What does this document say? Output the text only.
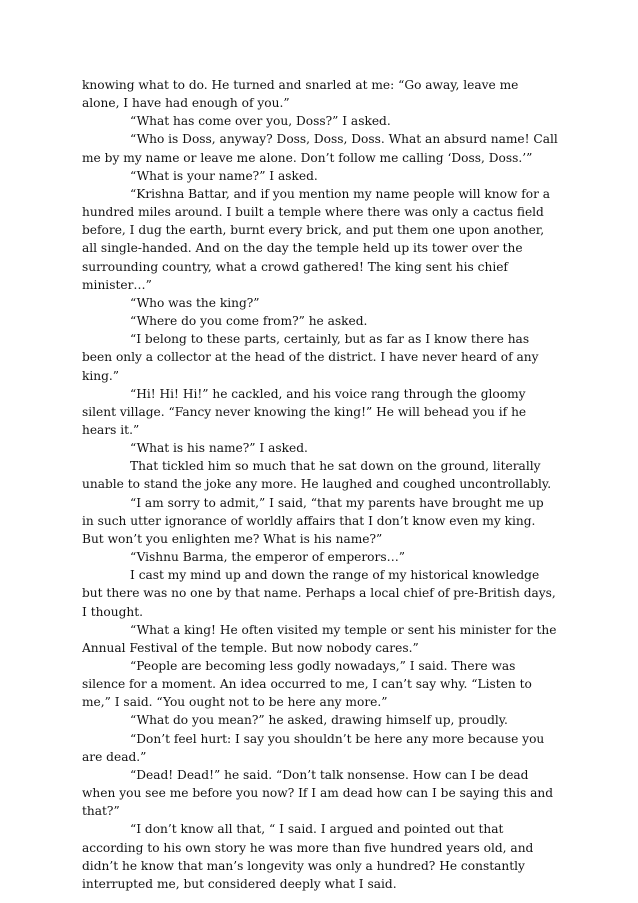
knowing what to do. He turned and snarled at me: “Go away, leave me alone, I have had enough of you.”

“What has come over you, Doss?” I asked.

“Who is Doss, anyway? Doss, Doss, Doss. What an absurd name! Call me by my name or leave me alone. Don’t follow me calling ‘Doss, Doss.’”

“What is your name?” I asked.

“Krishna Battar, and if you mention my name people will know for a hundred miles around. I built a temple where there was only a cactus field before, I dug the earth, burnt every brick, and put them one upon another, all single-handed. And on the day the temple held up its tower over the surrounding country, what a crowd gathered! The king sent his chief minister…”

“Who was the king?”

“Where do you come from?” he asked.

“I belong to these parts, certainly, but as far as I know there has been only a collector at the head of the district. I have never heard of any king.”

“Hi! Hi! Hi!” he cackled, and his voice rang through the gloomy silent village. “Fancy never knowing the king!” He will behead you if he hears it.”

“What is his name?” I asked.

That tickled him so much that he sat down on the ground, literally unable to stand the joke any more. He laughed and coughed uncontrollably.

“I am sorry to admit,” I said, “that my parents have brought me up in such utter ignorance of worldly affairs that I don’t know even my king. But won’t you enlighten me? What is his name?”

“Vishnu Barma, the emperor of emperors…”

I cast my mind up and down the range of my historical knowledge but there was no one by that name. Perhaps a local chief of pre-British days, I thought.

“What a king! He often visited my temple or sent his minister for the Annual Festival of the temple. But now nobody cares.”

“People are becoming less godly nowadays,” I said. There was silence for a moment. An idea occurred to me, I can’t say why. “Listen to me,” I said. “You ought not to be here any more.”

“What do you mean?” he asked, drawing himself up, proudly.

“Don’t feel hurt: I say you shouldn’t be here any more because you are dead.”

“Dead! Dead!” he said. “Don’t talk nonsense. How can I be dead when you see me before you now? If I am dead how can I be saying this and that?”

“I don’t know all that, “ I said. I argued and pointed out that according to his own story he was more than five hundred years old, and didn’t he know that man’s longevity was only a hundred? He constantly interrupted me, but considered deeply what I said.
